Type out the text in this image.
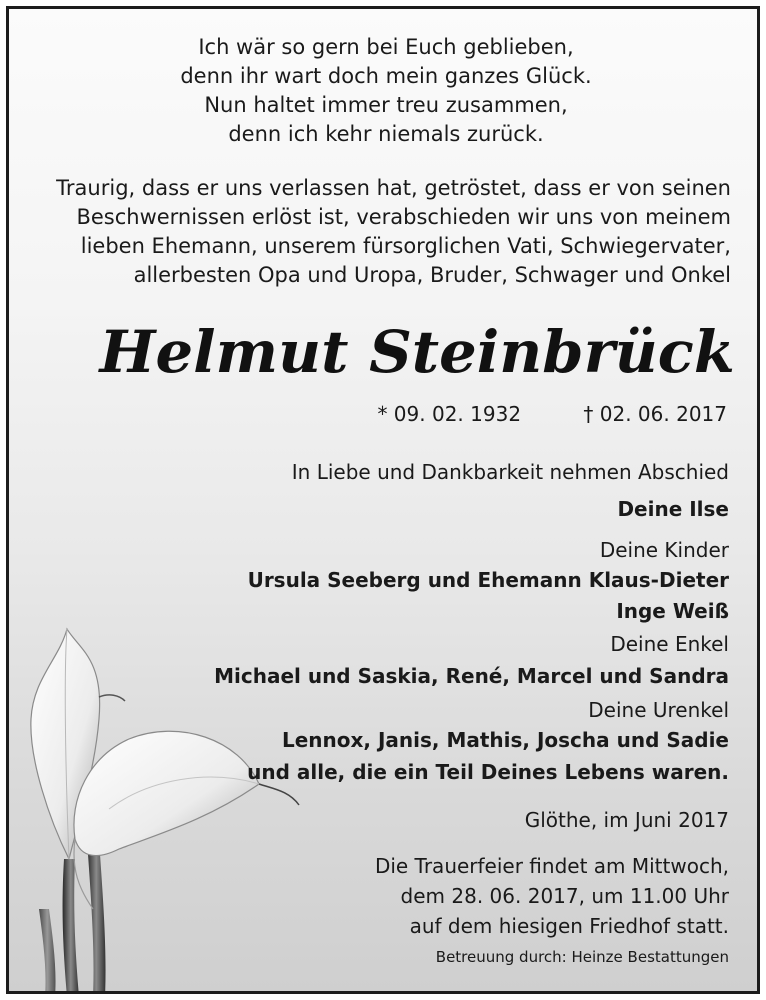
Ich wär so gern bei Euch geblieben,
denn ihr wart doch mein ganzes Glück.
Nun haltet immer treu zusammen,
denn ich kehr niemals zurück.
Traurig, dass er uns verlassen hat, getröstet, dass er von seinen
Beschwernissen erlöst ist, verabschieden wir uns von meinem
lieben Ehemann, unserem fürsorglichen Vati, Schwiegervater,
allerbesten Opa und Uropa, Bruder, Schwager und Onkel
Helmut Steinbrück
* 09. 02. 1932	† 02. 06. 2017
In Liebe und Dankbarkeit nehmen Abschied
Deine Ilse
Deine Kinder
Ursula Seeberg und Ehemann Klaus-Dieter
Inge Weiß
Deine Enkel
Michael und Saskia, René, Marcel und Sandra
Deine Urenkel
Lennox, Janis, Mathis, Joscha und Sadie
und alle, die ein Teil Deines Lebens waren.
Glöthe, im Juni 2017
Die Trauerfeier findet am Mittwoch,
dem 28. 06. 2017, um 11.00 Uhr
auf dem hiesigen Friedhof statt.
Betreuung durch: Heinze Bestattungen
